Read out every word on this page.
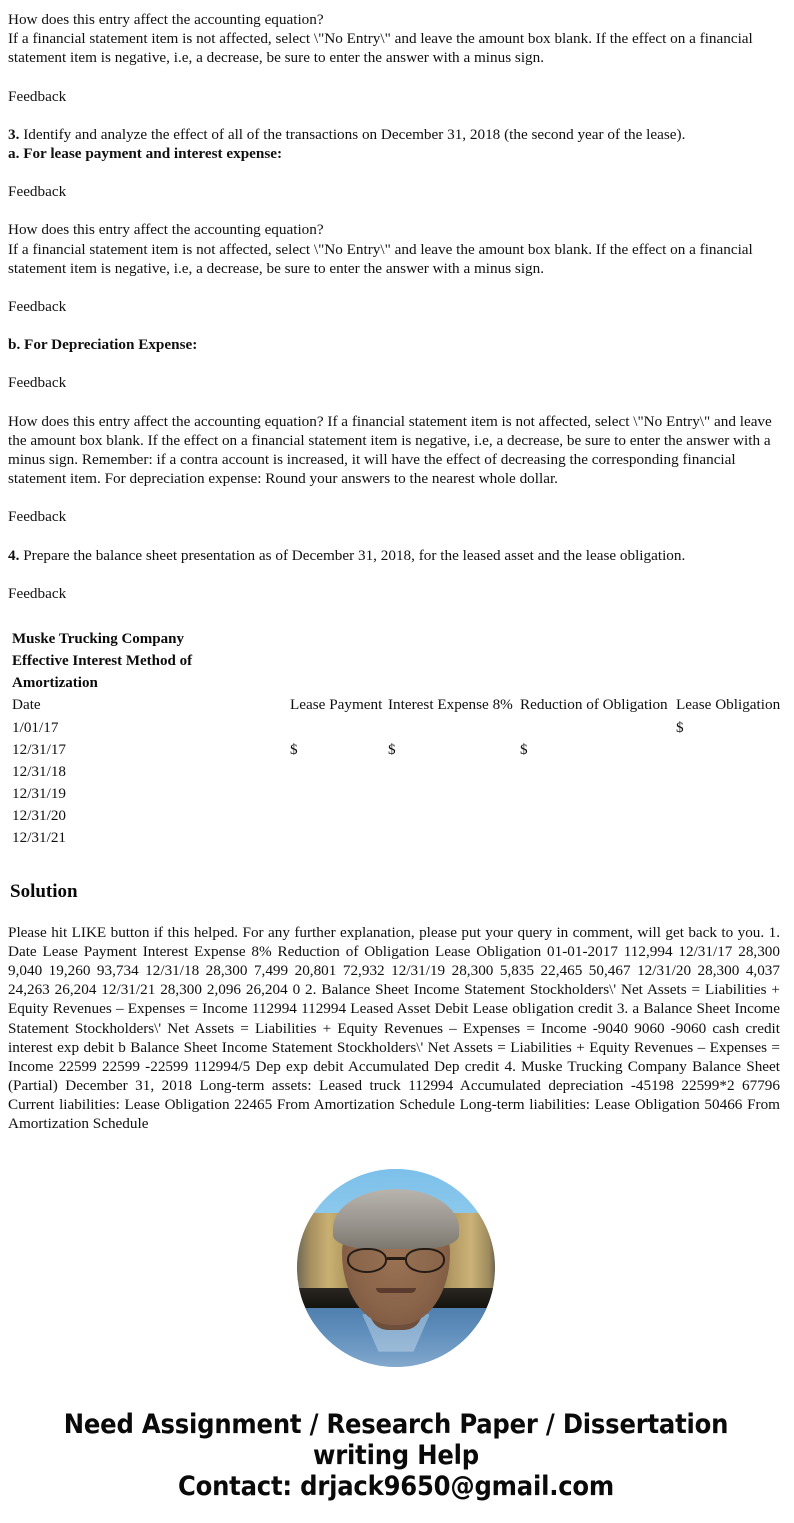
How does this entry affect the accounting equation?

If a financial statement item is not affected, select \"No Entry\" and leave the amount box blank. If the effect on a financial statement item is negative, i.e, a decrease, be sure to enter the answer with a minus sign.

Feedback

3. Identify and analyze the effect of all of the transactions on December 31, 2018 (the second year of the lease).

a. For lease payment and interest expense:

Feedback

How does this entry affect the accounting equation?

If a financial statement item is not affected, select \"No Entry\" and leave the amount box blank. If the effect on a financial statement item is negative, i.e, a decrease, be sure to enter the answer with a minus sign.

Feedback

b. For Depreciation Expense:

Feedback

How does this entry affect the accounting equation? If a financial statement item is not affected, select \"No Entry\" and leave the amount box blank. If the effect on a financial statement item is negative, i.e, a decrease, be sure to enter the answer with a minus sign. Remember: if a contra account is increased, it will have the effect of decreasing the corresponding financial statement item. For depreciation expense: Round your answers to the nearest whole dollar.

Feedback

4. Prepare the balance sheet presentation as of December 31, 2018, for the leased asset and the lease obligation.

Feedback

Muske Trucking Company
Effective Interest Method of Amortization
Date	Lease Payment	Interest Expense 8%	Reduction of Obligation	Lease Obligation
1/01/17				$
12/31/17	$	$	$	
12/31/18				
12/31/19				
12/31/20				
12/31/21				
Solution

Please hit LIKE button if this helped. For any further explanation, please put your query in comment, will get back to you. 1. Date Lease Payment Interest Expense 8% Reduction of Obligation Lease Obligation 01-01-2017 112,994 12/31/17 28,300 9,040 19,260 93,734 12/31/18 28,300 7,499 20,801 72,932 12/31/19 28,300 5,835 22,465 50,467 12/31/20 28,300 4,037 24,263 26,204 12/31/21 28,300 2,096 26,204 0 2. Balance Sheet Income Statement Stockholders\' Net Assets = Liabilities + Equity Revenues – Expenses = Income 112994 112994 Leased Asset Debit Lease obligation credit 3. a Balance Sheet Income Statement Stockholders\' Net Assets = Liabilities + Equity Revenues – Expenses = Income -9040 9060 -9060 cash credit interest exp debit b Balance Sheet Income Statement Stockholders\' Net Assets = Liabilities + Equity Revenues – Expenses = Income 22599 22599 -22599 112994/5 Dep exp debit Accumulated Dep credit 4. Muske Trucking Company Balance Sheet (Partial) December 31, 2018 Long-term assets: Leased truck 112994 Accumulated depreciation -45198 22599*2 67796 Current liabilities: Lease Obligation 22465 From Amortization Schedule Long-term liabilities: Lease Obligation 50466 From Amortization Schedule

Need Assignment / Research Paper / Dissertation
writing Help
Contact: drjack9650@gmail.com
